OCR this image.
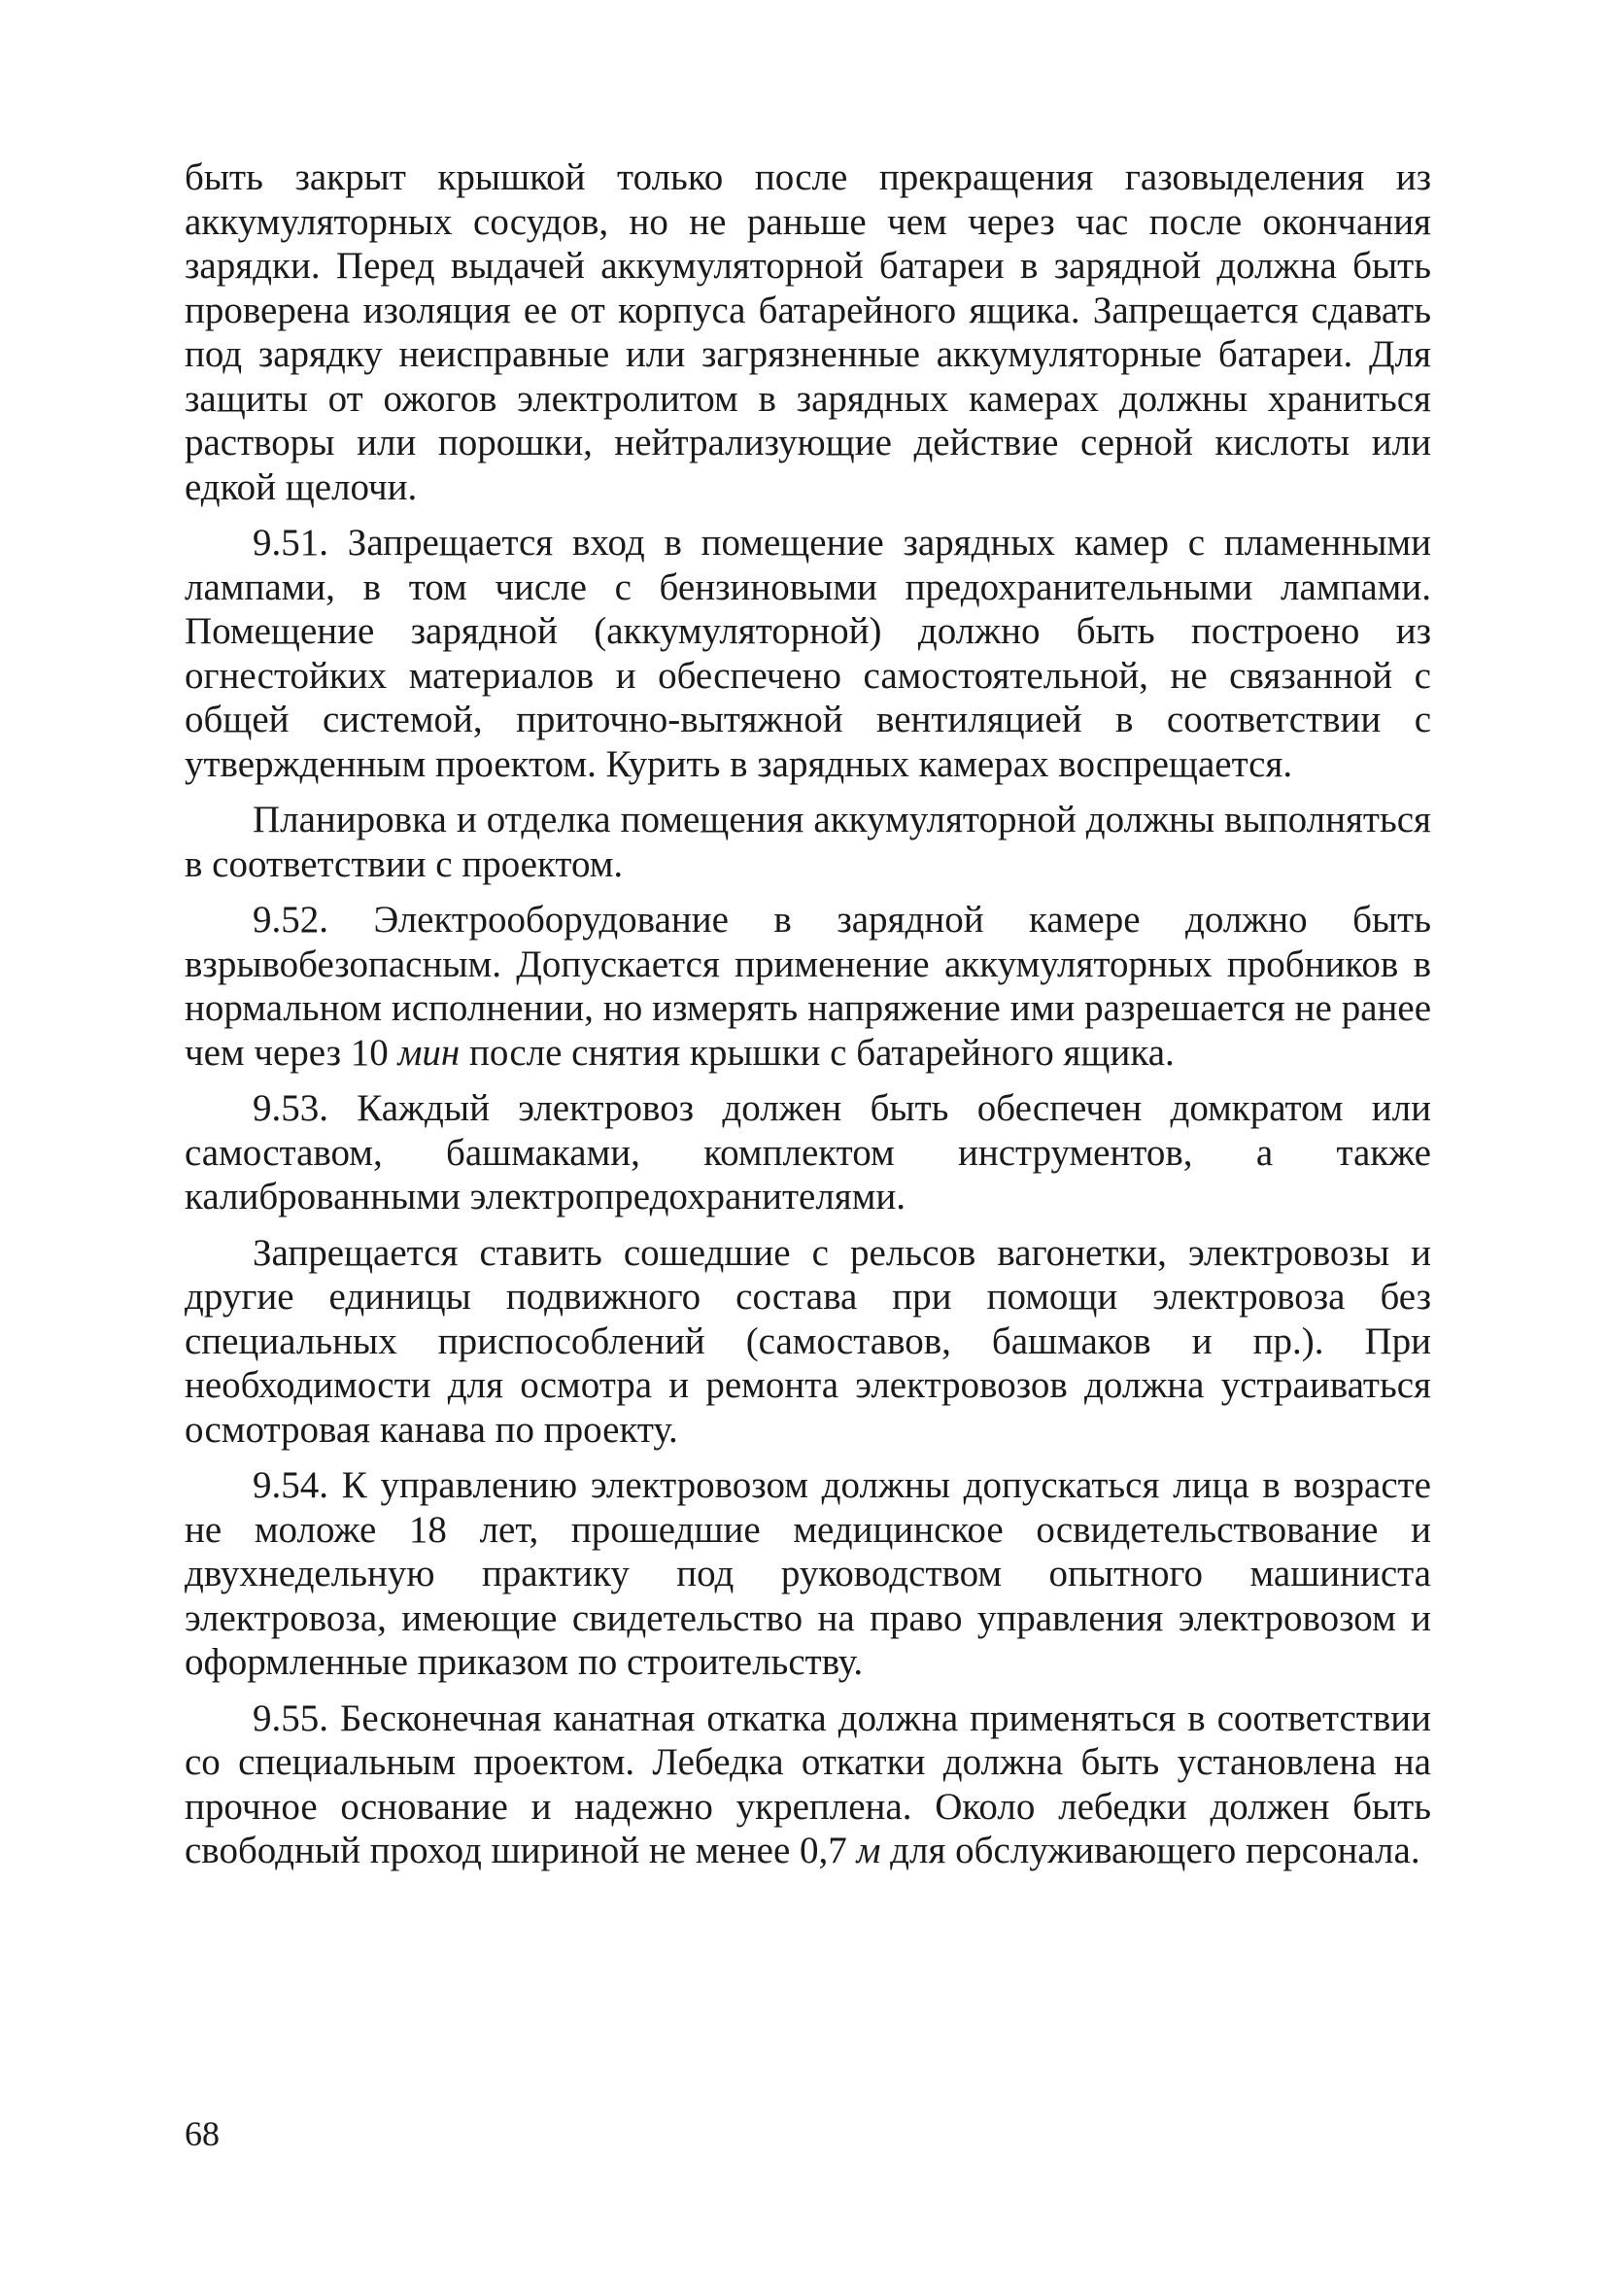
быть закрыт крышкой только после прекращения газовыделения из аккумуляторных сосудов, но не раньше чем через час после окончания зарядки. Перед выдачей аккумуляторной батареи в зарядной должна быть проверена изоляция ее от корпуса батарейного ящика. Запрещается сдавать под зарядку неисправные или загрязненные аккумуляторные батареи. Для защиты от ожогов электролитом в зарядных камерах должны храниться растворы или порошки, нейтрализующие действие серной кислоты или едкой щелочи.

9.51. Запрещается вход в помещение зарядных камер с пламенными лампами, в том числе с бензиновыми предохранительными лампами. Помещение зарядной (аккумуляторной) должно быть построено из огнестойких материалов и обеспечено самостоятельной, не связанной с общей системой, приточно-вытяжной вентиляцией в соответствии с утвержденным проектом. Курить в зарядных камерах воспрещается.

Планировка и отделка помещения аккумуляторной должны выполняться в соответствии с проектом.

9.52. Электрооборудование в зарядной камере должно быть взрывобезопасным. Допускается применение аккумуляторных пробников в нормальном исполнении, но измерять напряжение ими разрешается не ранее чем через 10 мин после снятия крышки с батарейного ящика.

9.53. Каждый электровоз должен быть обеспечен домкратом или самоставом, башмаками, комплектом инструментов, а также калиброванными электропредохранителями.

Запрещается ставить сошедшие с рельсов вагонетки, электровозы и другие единицы подвижного состава при помощи электровоза без специальных приспособлений (самоставов, башмаков и пр.). При необходимости для осмотра и ремонта электровозов должна устраиваться осмотровая канава по проекту.

9.54. К управлению электровозом должны допускаться лица в возрасте не моложе 18 лет, прошедшие медицинское освидетельствование и двухнедельную практику под руководством опытного машиниста электровоза, имеющие свидетельство на право управления электровозом и оформленные приказом по строительству.

9.55. Бесконечная канатная откатка должна применяться в соответствии со специальным проектом. Лебедка откатки должна быть установлена на прочное основание и надежно укреплена. Около лебедки должен быть свободный проход шириной не менее 0,7 м для обслуживающего персонала.

68
